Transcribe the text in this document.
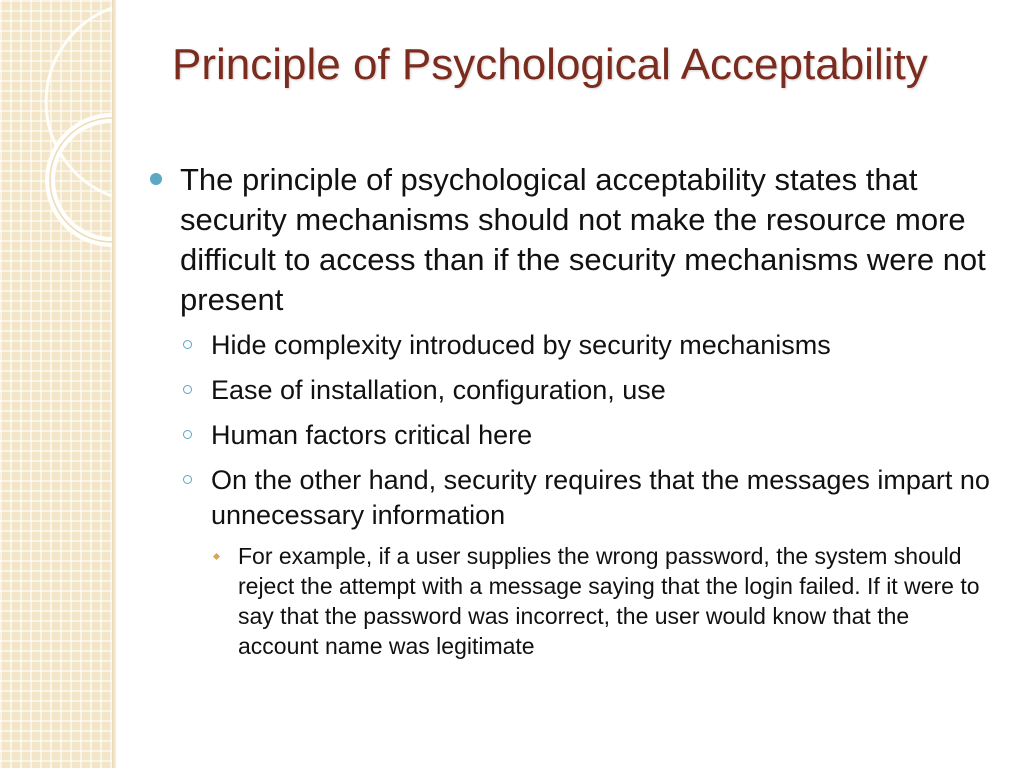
Principle of Psychological Acceptability
The principle of psychological acceptability states that security mechanisms should not make the resource more difficult to access than if the security mechanisms were not present
Hide complexity introduced by security mechanisms
Ease of installation, configuration, use
Human factors critical here
On the other hand, security requires that the messages impart no unnecessary information
For example, if a user supplies the wrong password, the system should reject the attempt with a message saying that the login failed. If it were to say that the password was incorrect, the user would know that the account name was legitimate
